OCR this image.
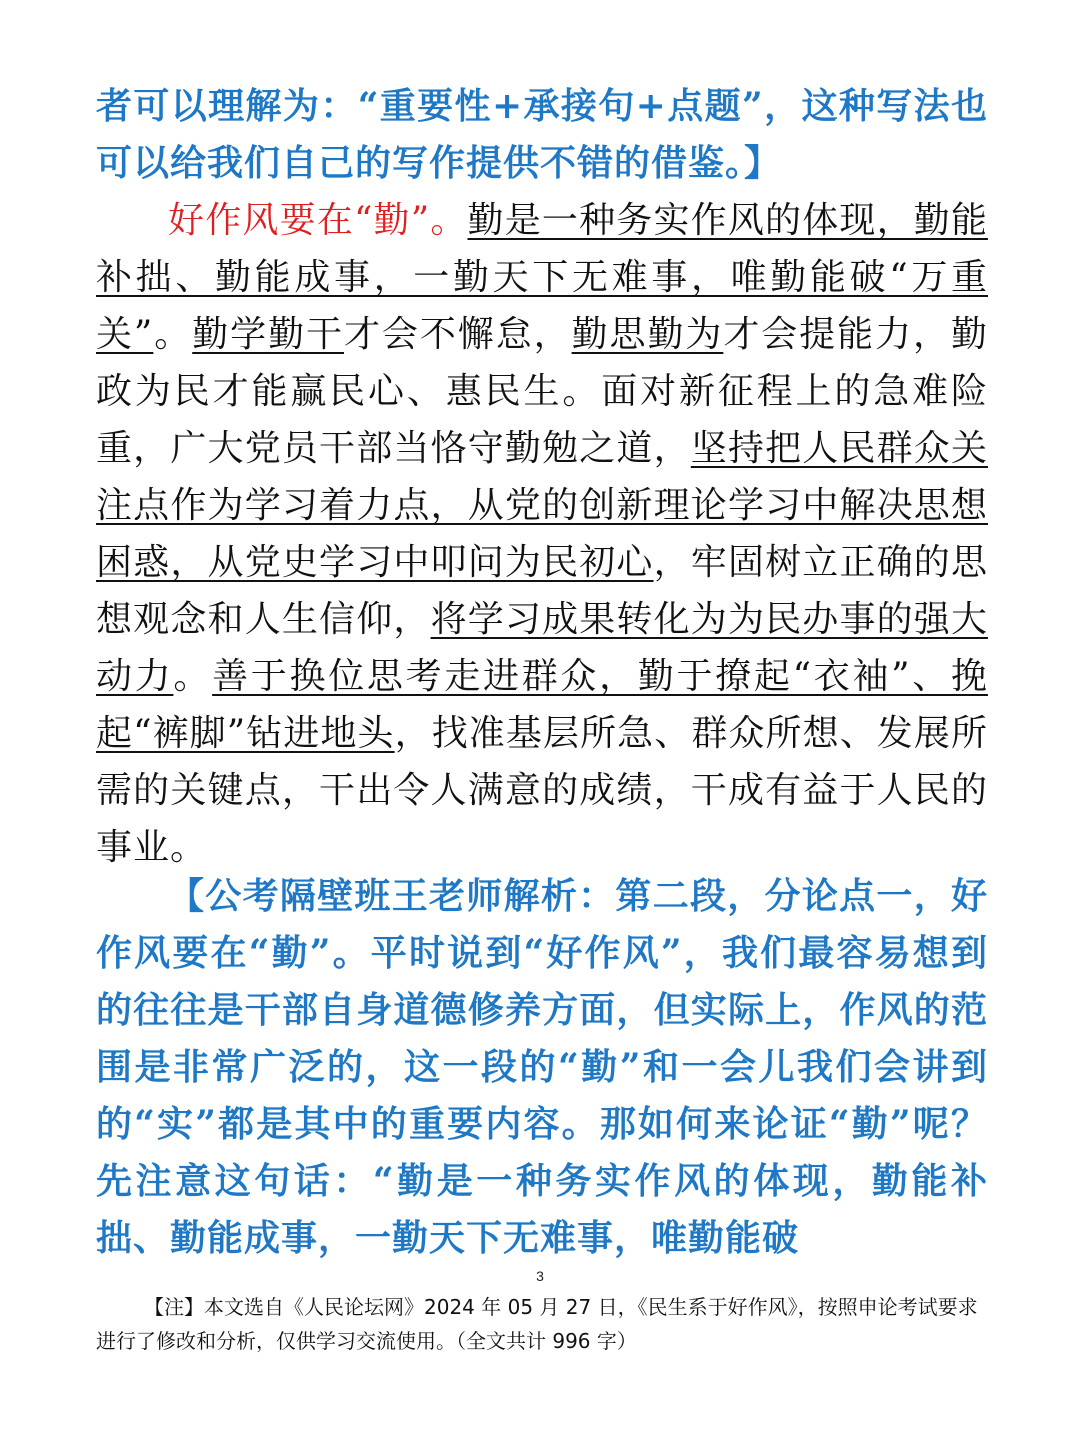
者可以理解为：“重要性+承接句+点题”，这种写法也可以给我们自己的写作提供不错的借鉴。】

好作风要在“勤”。勤是一种务实作风的体现，勤能补拙、勤能成事，一勤天下无难事，唯勤能破“万重关”。勤学勤干才会不懈怠，勤思勤为才会提能力，勤政为民才能赢民心、惠民生。面对新征程上的急难险重，广大党员干部当恪守勤勉之道，坚持把人民群众关注点作为学习着力点，从党的创新理论学习中解决思想困惑，从党史学习中叩问为民初心，牢固树立正确的思想观念和人生信仰，将学习成果转化为为民办事的强大动力。善于换位思考走进群众，勤于撩起“衣袖”、挽起“裤脚”钻进地头，找准基层所急、群众所想、发展所需的关键点，干出令人满意的成绩，干成有益于人民的事业。

【公考隔壁班王老师解析：第二段，分论点一，好作风要在“勤”。平时说到“好作风”，我们最容易想到的往往是干部自身道德修养方面，但实际上，作风的范围是非常广泛的，这一段的“勤”和一会儿我们会讲到的“实”都是其中的重要内容。那如何来论证“勤”呢？先注意这句话：“勤是一种务实作风的体现，勤能补拙、勤能成事，一勤天下无难事，唯勤能破

3

【注】本文选自《人民论坛网》2024 年 05 月 27 日，《民生系于好作风》，按照申论考试要求进行了修改和分析，仅供学习交流使用。（全文共计 996 字）
